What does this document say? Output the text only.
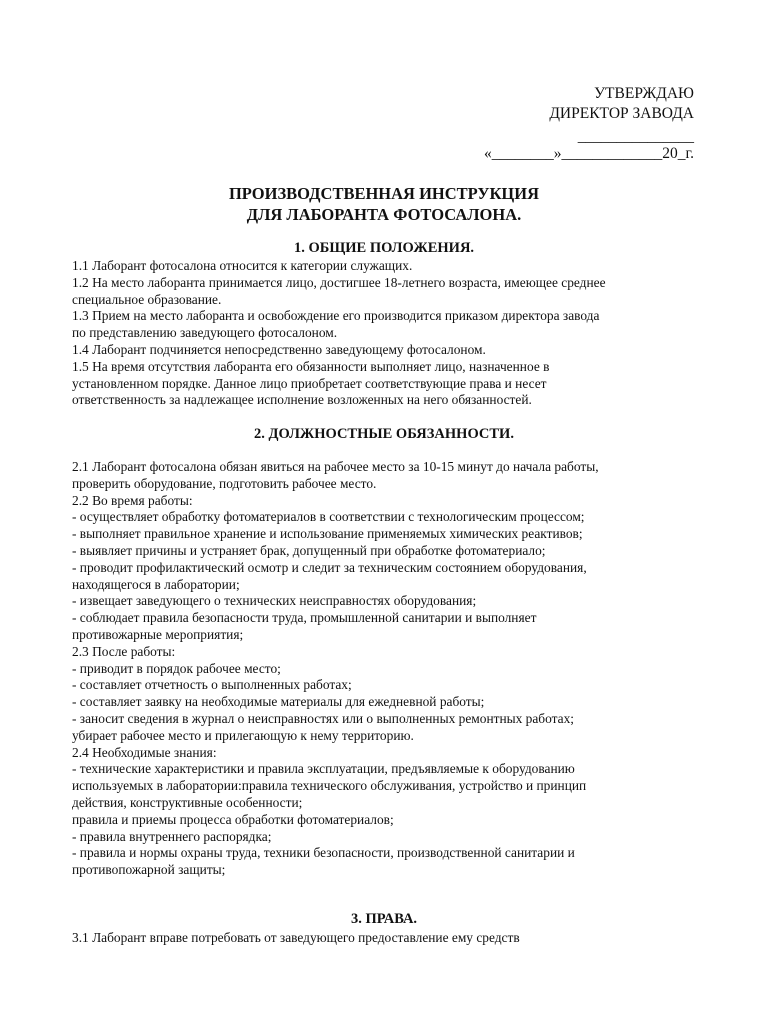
УТВЕРЖДАЮ
ДИРЕКТОР ЗАВОДА
_______________
«________»_____________20_г.
ПРОИЗВОДСТВЕННАЯ ИНСТРУКЦИЯ
ДЛЯ ЛАБОРАНТА ФОТОСАЛОНА.
1. ОБЩИЕ ПОЛОЖЕНИЯ.

1.1 Лаборант фотосалона относится к категории служащих.

1.2 На место лаборанта принимается лицо, достигшее 18-летнего возраста, имеющее среднее

специальное образование.

1.3 Прием на место лаборанта и освобождение его производится приказом директора завода

по представлению заведующего фотосалоном.

1.4 Лаборант подчиняется непосредственно заведующему фотосалоном.

1.5 На время отсутствия лаборанта его обязанности выполняет лицо, назначенное в

установленном порядке. Данное лицо приобретает соответствующие права и несет

ответственность за надлежащее исполнение возложенных на него обязанностей.

2. ДОЛЖНОСТНЫЕ ОБЯЗАННОСТИ.

2.1 Лаборант фотосалона обязан явиться на рабочее место за 10-15 минут до начала работы,

проверить оборудование, подготовить рабочее место.

2.2 Во время работы:

- осуществляет обработку фотоматериалов в соответствии с технологическим процессом;

- выполняет правильное хранение и использование применяемых химических реактивов;

- выявляет причины и устраняет брак, допущенный при обработке фотоматериало;

- проводит профилактический осмотр и следит за техническим состоянием оборудования,

находящегося в лаборатории;

- извещает заведующего о технических неисправностях оборудования;

- соблюдает правила безопасности труда, промышленной санитарии и выполняет

противожарные мероприятия;

2.3 После работы:

- приводит в порядок рабочее место;

- составляет отчетность о выполненных работах;

- составляет заявку на необходимые материалы для ежедневной работы;

- заносит сведения в журнал о неисправностях или о выполненных ремонтных работах;

убирает рабочее место и прилегающую к нему территорию.

2.4 Необходимые знания:

- технические характеристики и правила эксплуатации, предъявляемые к оборудованию

используемых в лаборатории:правила технического обслуживания, устройство и принцип

действия, конструктивные особенности;

правила и приемы процесса обработки фотоматериалов;

- правила внутреннего распорядка;

- правила и нормы охраны труда, техники безопасности, производственной санитарии и

противопожарной защиты;

3. ПРАВА.

3.1 Лаборант вправе потребовать от заведующего предоставление ему средств
